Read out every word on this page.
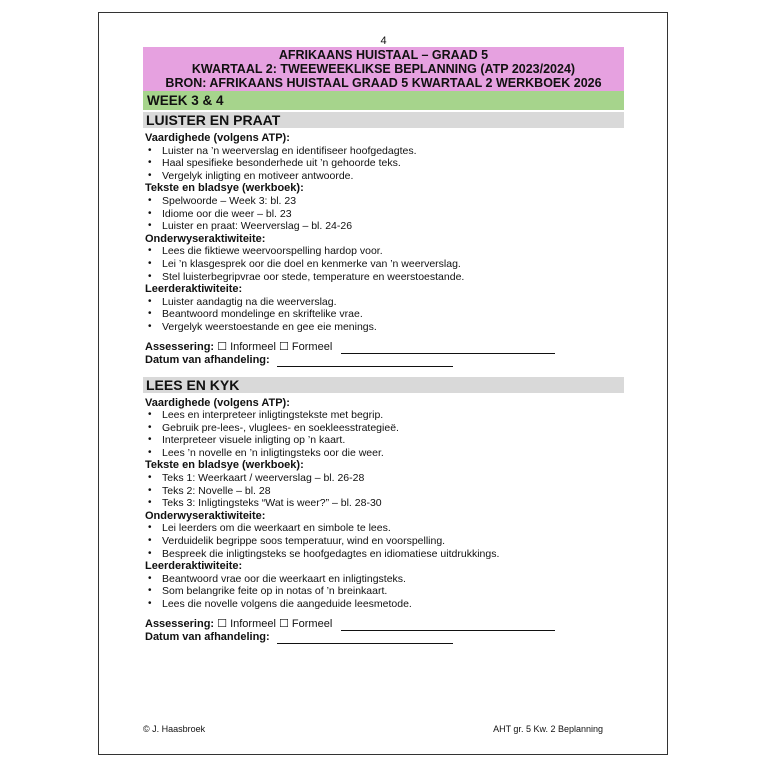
4
AFRIKAANS HUISTAAL – GRAAD 5
KWARTAAL 2: TWEEWEEKLIKSE BEPLANNING (ATP 2023/2024)
BRON: AFRIKAANS HUISTAAL GRAAD 5 KWARTAAL 2 WERKBOEK 2026
WEEK 3 & 4
LUISTER EN PRAAT
Vaardighede (volgens ATP):
• Luister na ’n weerverslag en identifiseer hoofgedagtes.
• Haal spesifieke besonderhede uit ’n gehoorde teks.
• Vergelyk inligting en motiveer antwoorde.
Tekste en bladsye (werkboek):
• Spelwoorde – Week 3: bl. 23
• Idiome oor die weer – bl. 23
• Luister en praat: Weerverslag – bl. 24-26
Onderwyseraktiwiteite:
• Lees die fiktiewe weervoorspelling hardop voor.
• Lei ’n klasgesprek oor die doel en kenmerke van ’n weerverslag.
• Stel luisterbegripvrae oor stede, temperature en weerstoestande.
Leerderaktiwiteite:
• Luister aandagtig na die weerverslag.
• Beantwoord mondelinge en skriftelike vrae.
• Vergelyk weerstoestande en gee eie menings.
Assessering: ☐ Informeel ☐ Formeel
Datum van afhandeling:
LEES EN KYK
Vaardighede (volgens ATP):
• Lees en interpreteer inligtingstekste met begrip.
• Gebruik pre-lees-, vluglees- en soekleesstrategieë.
• Interpreteer visuele inligting op ’n kaart.
• Lees ’n novelle en ’n inligtingsteks oor die weer.
Tekste en bladsye (werkboek):
• Teks 1: Weerkaart / weerverslag – bl. 26-28
• Teks 2: Novelle – bl. 28
• Teks 3: Inligtingsteks “Wat is weer?” – bl. 28-30
Onderwyseraktiwiteite:
• Lei leerders om die weerkaart en simbole te lees.
• Verduidelik begrippe soos temperatuur, wind en voorspelling.
• Bespreek die inligtingsteks se hoofgedagtes en idiomatiese uitdrukkings.
Leerderaktiwiteite:
• Beantwoord vrae oor die weerkaart en inligtingsteks.
• Som belangrike feite op in notas of ’n breinkaart.
• Lees die novelle volgens die aangeduide leesmetode.
Assessering: ☐ Informeel ☐ Formeel
Datum van afhandeling:
© J. Haasbroek	AHT gr. 5 Kw. 2 Beplanning
